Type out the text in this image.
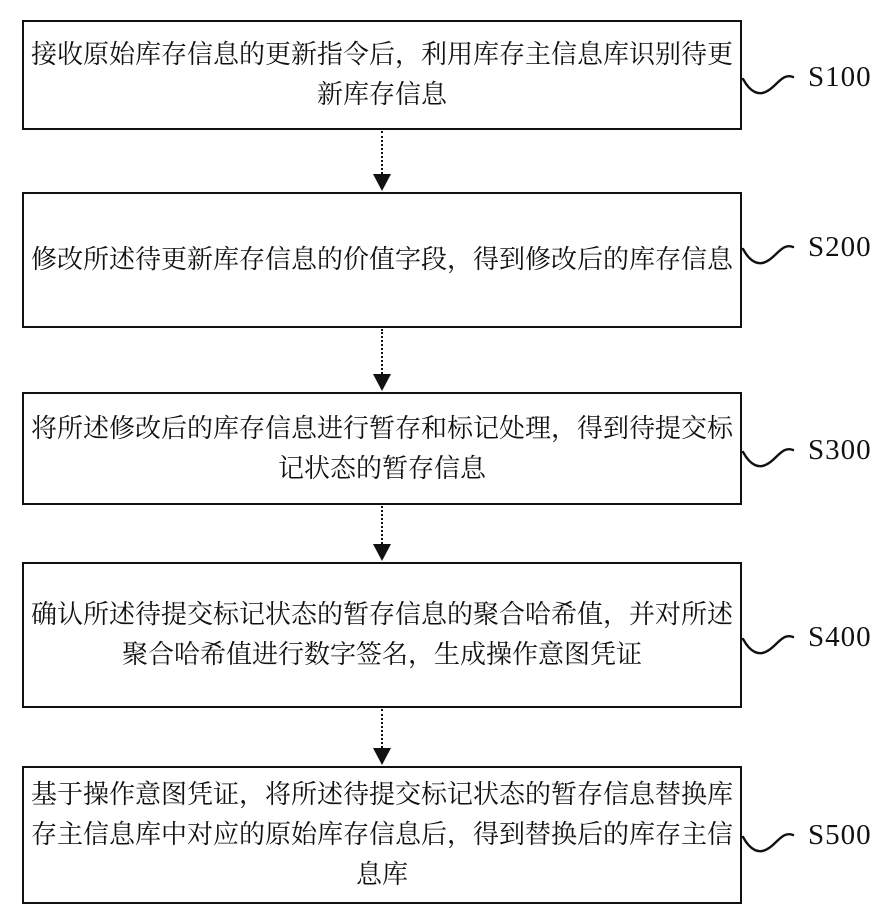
接收原始库存信息的更新指令后，利用库存主信息库识别待更新库存信息
修改所述待更新库存信息的价值字段，得到修改后的库存信息
将所述修改后的库存信息进行暂存和标记处理，得到待提交标记状态的暂存信息
确认所述待提交标记状态的暂存信息的聚合哈希值，并对所述聚合哈希值进行数字签名，生成操作意图凭证
基于操作意图凭证，将所述待提交标记状态的暂存信息替换库存主信息库中对应的原始库存信息后，得到替换后的库存主信息库
S100
S200
S300
S400
S500
